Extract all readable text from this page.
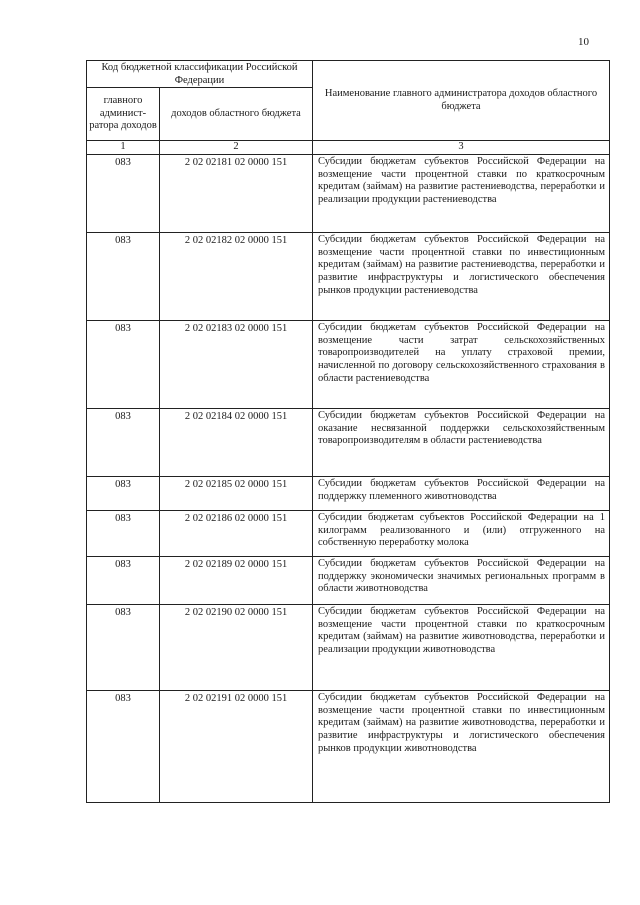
10
Код бюджетной классификации Российской Федерации		Наименование главного администратора доходов областного бюджета
главного админист-ратора доходов	доходов областного бюджета	
1	2	3
083	2 02 02181 02 0000 151	Субсидии бюджетам субъектов Российской Федерации на возмещение части процентной ставки по краткосрочным кредитам (займам) на развитие растениеводства, переработки и реализации продукции растениеводства
083	2 02 02182 02 0000 151	Субсидии бюджетам субъектов Российской Федерации на возмещение части процентной ставки по инвестиционным кредитам (займам) на развитие растениеводства, переработки и развитие инфраструктуры и логистического обеспечения рынков продукции растениеводства
083	2 02 02183 02 0000 151	Субсидии бюджетам субъектов Российской Федерации на возмещение части затрат сельскохозяйственных товаропроизводителей на уплату страховой премии, начисленной по договору сельскохозяйственного страхования в области растениеводства
083	2 02 02184 02 0000 151	Субсидии бюджетам субъектов Российской Федерации на оказание несвязанной поддержки сельскохозяйственным товаропроизводителям в области растениеводства
083	2 02 02185 02 0000 151	Субсидии бюджетам субъектов Российской Федерации на поддержку племенного животноводства
083	2 02 02186 02 0000 151	Субсидии бюджетам субъектов Российской Федерации на 1 килограмм реализованного и (или) отгруженного на собственную переработку молока
083	2 02 02189 02 0000 151	Субсидии бюджетам субъектов Российской Федерации на поддержку экономически значимых региональных программ в области животноводства
083	2 02 02190 02 0000 151	Субсидии бюджетам субъектов Российской Федерации на возмещение части процентной ставки по краткосрочным кредитам (займам) на развитие животноводства, переработки и реализации продукции животноводства
083	2 02 02191 02 0000 151	Субсидии бюджетам субъектов Российской Федерации на возмещение части процентной ставки по инвестиционным кредитам (займам) на развитие животноводства, переработки и развитие инфраструктуры и логистического обеспечения рынков продукции животноводства
